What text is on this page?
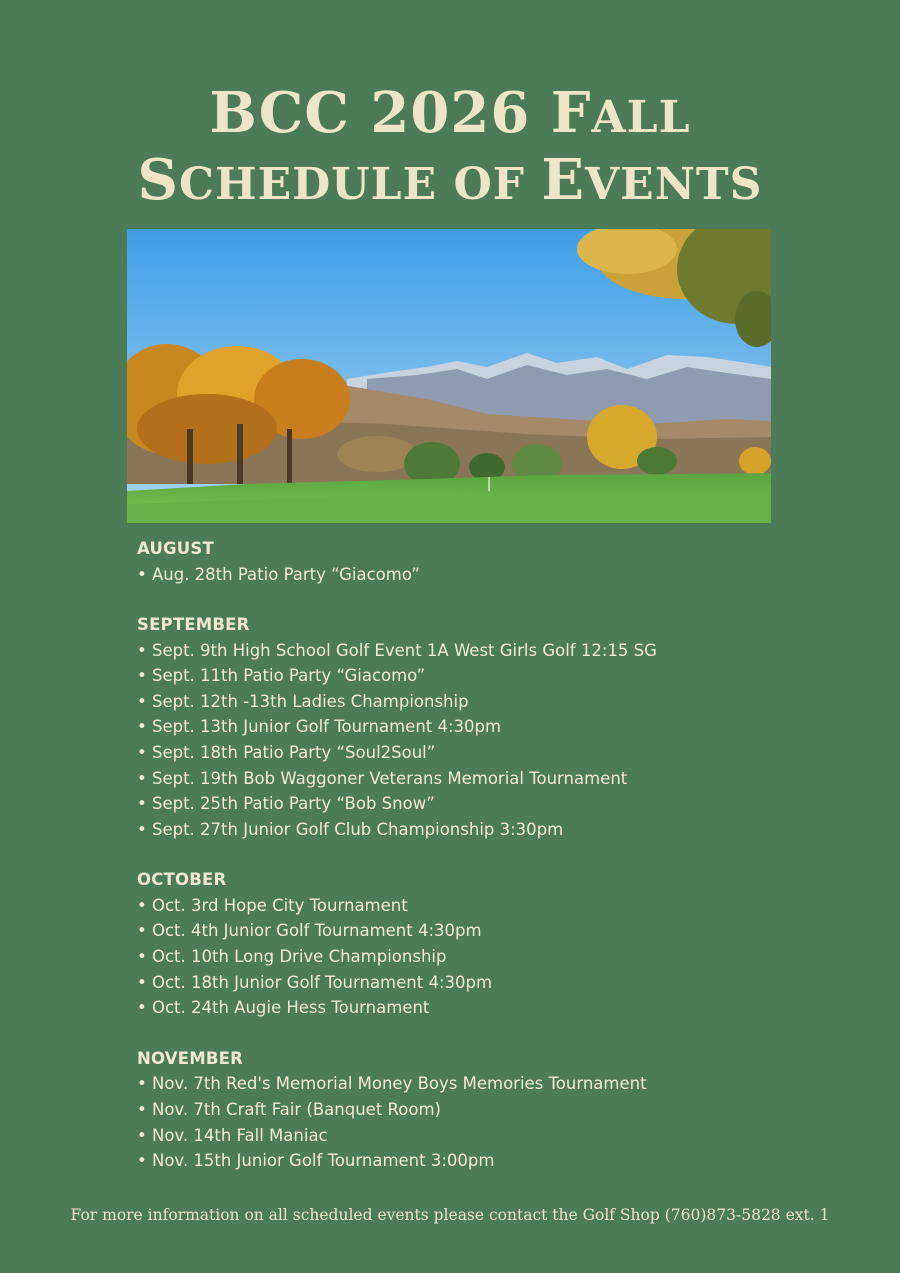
BCC 2026 FALL
SCHEDULE OF EVENTS
AUGUST
• Aug. 28th Patio Party “Giacomo”
SEPTEMBER
• Sept. 9th High School Golf Event 1A West Girls Golf 12:15 SG
• Sept. 11th Patio Party “Giacomo”
• Sept. 12th -13th Ladies Championship
• Sept. 13th Junior Golf Tournament 4:30pm
• Sept. 18th Patio Party “Soul2Soul”
• Sept. 19th Bob Waggoner Veterans Memorial Tournament
• Sept. 25th Patio Party “Bob Snow”
• Sept. 27th Junior Golf Club Championship 3:30pm
OCTOBER
• Oct. 3rd Hope City Tournament
• Oct. 4th Junior Golf Tournament 4:30pm
• Oct. 10th Long Drive Championship
• Oct. 18th Junior Golf Tournament 4:30pm
• Oct. 24th Augie Hess Tournament
NOVEMBER
• Nov. 7th Red's Memorial Money Boys Memories Tournament
• Nov. 7th Craft Fair (Banquet Room)
• Nov. 14th Fall Maniac
• Nov. 15th Junior Golf Tournament 3:00pm
For more information on all scheduled events please contact the Golf Shop (760)873-5828 ext. 1
